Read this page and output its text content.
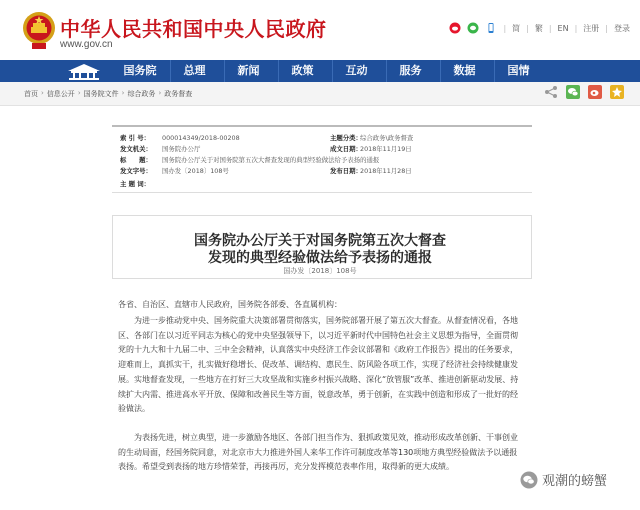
中华人民共和国中央人民政府
www.gov.cn
| 简 | 繁 | EN | 注册 | 登录
国务院	总理	新闻	政策	互动	服务	数据	国情
首页 › 信息公开 › 国务院文件 › 综合政务 › 政务督查
索 引 号： 000014349/2018-00208	主题分类：综合政务\政务督查
发文机关： 国务院办公厅	成文日期：2018年11月19日
标　　题： 国务院办公厅关于对国务院第五次大督查发现的典型经验做法给予表扬的通报
发文字号： 国办发〔2018〕108号	发布日期：2018年11月28日
主 题 词：
国务院办公厅关于对国务院第五次大督查
发现的典型经验做法给予表扬的通报
国办发〔2018〕108号
各省、自治区、直辖市人民政府，国务院各部委、各直属机构：
为进一步推动党中央、国务院重大决策部署贯彻落实，国务院部署开展了第五次大督查。从督查情况看，各地区、各部门在以习近平同志为核心的党中央坚强领导下，以习近平新时代中国特色社会主义思想为指导，全面贯彻党的十九大和十九届二中、三中全会精神，认真落实中央经济工作会议部署和《政府工作报告》提出的任务要求，迎难而上，真抓实干，扎实做好稳增长、促改革、调结构、惠民生、防风险各项工作，实现了经济社会持续健康发展。实地督查发现，一些地方在打好三大攻坚战和实施乡村振兴战略、深化“放管服”改革、推进创新驱动发展、持续扩大内需、推进高水平开放、保障和改善民生等方面，锐意改革，勇于创新，在实践中创造和形成了一批好的经验做法。
为表扬先进，树立典型，进一步激励各地区、各部门担当作为、狠抓政策见效，推动形成改革创新、干事创业的生动局面，经国务院同意，对北京市大力推进外国人来华工作许可制度改革等130项地方典型经验做法予以通报表扬。希望受到表扬的地方珍惜荣誉，再接再厉，充分发挥模范表率作用，取得新的更大成绩。
观潮的螃蟹
